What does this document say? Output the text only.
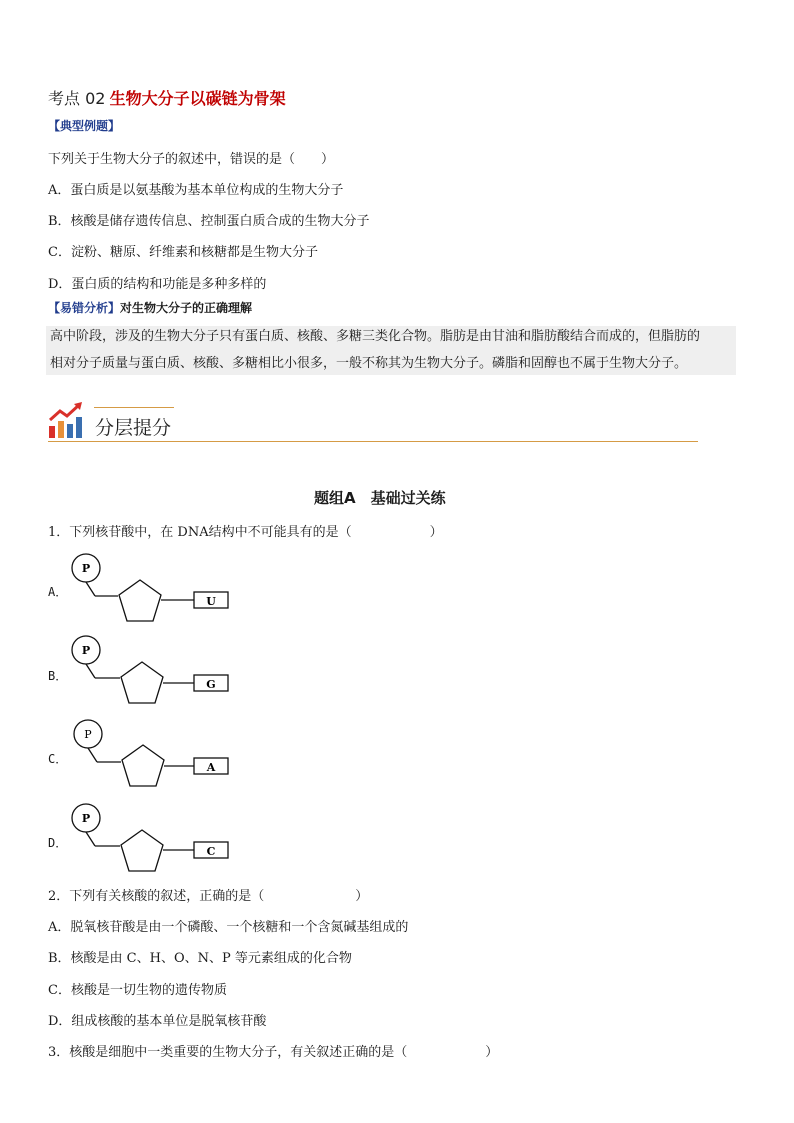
考点 02 生物大分子以碳链为骨架
【典型例题】
下列关于生物大分子的叙述中，错误的是（　　）
A．蛋白质是以氨基酸为基本单位构成的生物大分子
B．核酸是储存遗传信息、控制蛋白质合成的生物大分子
C．淀粉、糖原、纤维素和核糖都是生物大分子
D．蛋白质的结构和功能是多种多样的
【易错分析】对生物大分子的正确理解
高中阶段，涉及的生物大分子只有蛋白质、核酸、多糖三类化合物。脂肪是由甘油和脂肪酸结合而成的，但脂肪的
相对分子质量与蛋白质、核酸、多糖相比小很多，一般不称其为生物大分子。磷脂和固醇也不属于生物大分子。
分层提分
题组A　基础过关练
1．下列核苷酸中，在 DNA结构中不可能具有的是（　　　　　　）
A．
P
U
B．
P
G
C．
P
A
D．
P
C
2．下列有关核酸的叙述，正确的是（　　　　　　　）
A．脱氧核苷酸是由一个磷酸、一个核糖和一个含氮碱基组成的
B．核酸是由 C、H、O、N、P 等元素组成的化合物
C．核酸是一切生物的遗传物质
D．组成核酸的基本单位是脱氧核苷酸
3．核酸是细胞中一类重要的生物大分子，有关叙述正确的是（　　　　　　）
